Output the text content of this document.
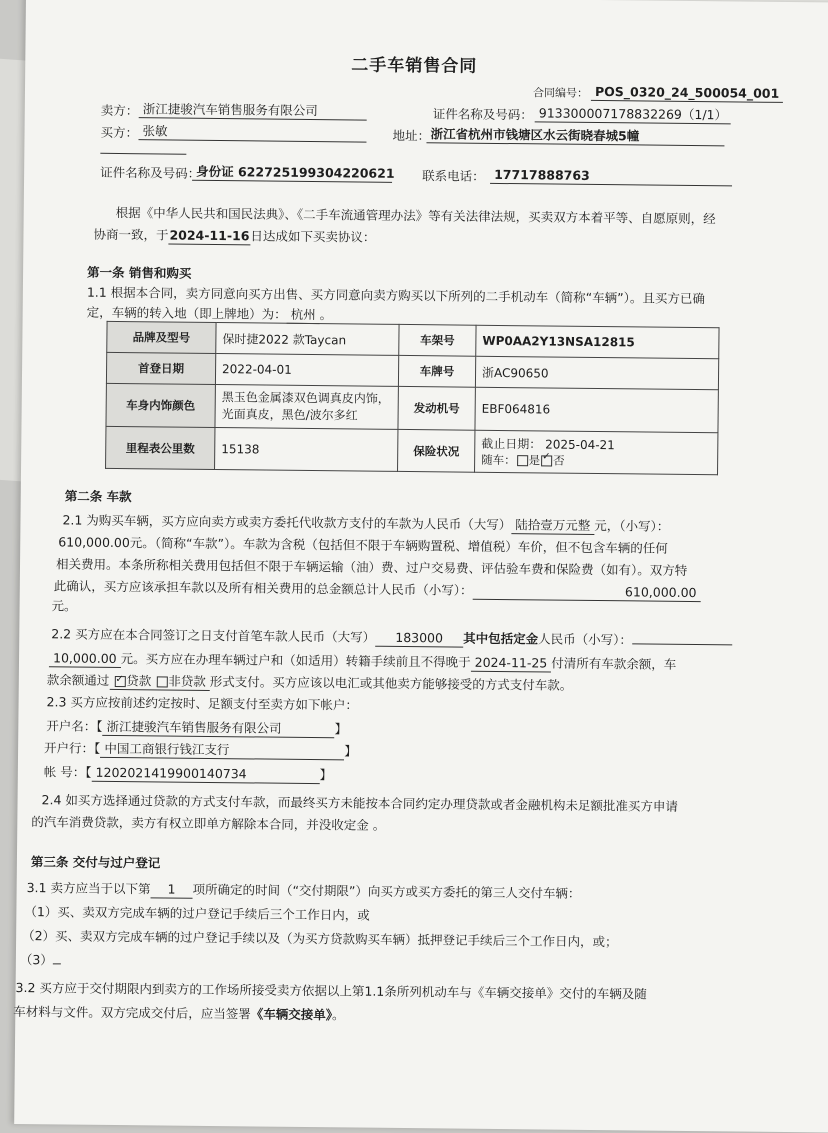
二手车销售合同
合同编号： POS_0320_24_500054_001
卖方： 浙江捷骏汽车销售服务有限公司	证件名称及号码： 913300007178832269（1/1）
买方： 张敏	地址： 浙江省杭州市钱塘区水云街晓春城5幢
证件名称及号码：
身份证 622725199304220621 联系电话： 17717888763
根据《中华人民共和国民法典》、《二手车流通管理办法》等有关法律法规，买卖双方本着平等、自愿原则，经
协商一致，于2024-11-16日达成如下买卖协议：
第一条 销售和购买
1.1 根据本合同，卖方同意向买方出售、买方同意向卖方购买以下所列的二手机动车（简称“车辆”）。且买方已确
定，车辆的转入地（即上牌地）为： 杭州 。
品牌及型号	保时捷2022 款Taycan	车架号	WP0AA2Y13NSA12815
首登日期	2022-04-01	车牌号	浙AC90650
车身内饰颜色	黑玉色金属漆双色调真皮内饰，光面真皮，黑色/波尔多红	发动机号	EBF064816
里程表公里数	15138	保险状况	截止日期： 2025-04-21
随车： 是 ✓ 否
第二条 车款
2.1 为购买车辆，买方应向卖方或卖方委托代收款方支付的车款为人民币（大写） 陆拾壹万元整 元，（小写）：
610,000.00元。（简称“车款”）。车款为含税（包括但不限于车辆购置税、增值税）车价，但不包含车辆的任何
相关费用。本条所称相关费用包括但不限于车辆运输（油）费、过户交易费、评估验车费和保险费（如有）。双方特
此确认，买方应该承担车款以及所有相关费用的总金额总计人民币（小写）：	610,000.00
元。
2.2 买方应在本合同签订之日支付首笔车款人民币（大写） 183000 其中包括定金人民币（小写）：
10,000.00 元。买方应在办理车辆过户和（如适用）转籍手续前且不得晚于 2024-11-25 付清所有车款余额，车
款余额通过 ✓ 贷款 非贷款 形式支付。买方应该以电汇或其他卖方能够接受的方式支付车款。
2.3 买方应按前述约定按时、足额支付至卖方如下帐户：
开户名：【 浙江捷骏汽车销售服务有限公司	】
开户行：【 中国工商银行钱江支行	】
帐 号：【 1202021419900140734	】
2.4 如买方选择通过贷款的方式支付车款，而最终买方未能按本合同约定办理贷款或者金融机构未足额批准买方申请
的汽车消费贷款，卖方有权立即单方解除本合同，并没收定金 。
第三条 交付与过户登记
3.1 卖方应当于以下第 1 项所确定的时间（“交付期限”）向买方或买方委托的第三人交付车辆：
（1）买、卖双方完成车辆的过户登记手续后三个工作日内，或
（2）买、卖双方完成车辆的过户登记手续以及（为买方贷款购买车辆）抵押登记手续后三个工作日内，或；
（3）
3.2 买方应于交付期限内到卖方的工作场所接受卖方依据以上第1.1条所列机动车与《车辆交接单》交付的车辆及随
车材料与文件。双方完成交付后，应当签署《车辆交接单》。
